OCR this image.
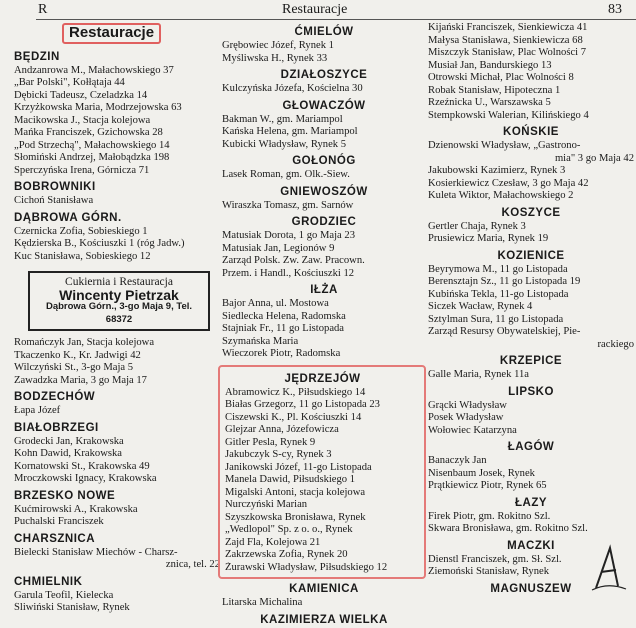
R	Restauracje	83
Restauracje
BĘDZIN
Andzanrowa M., Małachowskiego 37
„Bar Polski", Kołłątaja 44
Dębicki Tadeusz, Czeladzka 14
Krzyżkowska Maria, Modrzejowska 63
Macikowska J., Stacja kolejowa
Mańka Franciszek, Gzichowska 28
„Pod Strzechą", Małachowskiego 14
Słomiński Andrzej, Małobądzka 198
Sperczyńska Irena, Górnicza 71
BOBROWNIKI
Cichoń Stanisława
DĄBROWA GÓRN.
Czernicka Zofia, Sobieskiego 1
Kędzierska B., Kościuszki 1 (róg Jadw.)
Kuc Stanisława, Sobieskiego 12
Cukiernia i Restauracja
Wincenty Pietrzak
Dąbrowa Górn., 3-go Maja 9, Tel. 68372
Romańczyk Jan, Stacja kolejowa
Tkaczenko K., Kr. Jadwigi 42
Wilczyński St., 3-go Maja 5
Zawadzka Maria, 3 go Maja 17
BODZECHÓW
Łapa Józef
BIAŁOBRZEGI
Grodecki Jan, Krakowska
Kohn Dawid, Krakowska
Kornatowski St., Krakowska 49
Mroczkowski Ignacy, Krakowska
BRZESKO NOWE
Kućmirowski A., Krakowska
Puchalski Franciszek
CHARSZNICA
Bielecki Stanisław Miechów - Charsz-
znica, tel. 22
CHMIELNIK
Garula Teofil, Kielecka
Śliwiński Stanisław, Rynek
ĆMIELÓW
Grębowiec Józef, Rynek 1
Myśliwska H., Rynek 33
DZIAŁOSZYCE
Kulczyńska Józefa, Kościelna 30
GŁOWACZÓW
Bakman W., gm. Mariampol
Kańska Helena, gm. Mariampol
Kubicki Władysław, Rynek 5
GOŁONÓG
Lasek Roman, gm. Olk.-Siew.
GNIEWOSZÓW
Wiraszka Tomasz, gm. Sarnów
GRODZIEC
Matusiak Dorota, 1 go Maja 23
Matusiak Jan, Legionów 9
Zarząd Polsk. Zw. Zaw. Pracown.
Przem. i Handl., Kościuszki 12
IŁŻA
Bajor Anna, ul. Mostowa
Siedlecka Helena, Radomska
Stajniak Fr., 11 go Listopada
Szymańska Maria
Wieczorek Piotr, Radomska
JĘDRZEJÓW
Abramowicz K., Piłsudskiego 14
Białas Grzegorz, 11 go Listopada 23
Ciszewski K., Pl. Kościuszki 14
Glejzar Anna, Józefowicza
Gitler Pesla, Rynek 9
Jakubczyk S-cy, Rynek 3
Janikowski Józef, 11-go Listopada
Manela Dawid, Piłsudskiego 1
Migalski Antoni, stacja kolejowa
Nurczyński Marian
Szyszkowska Bronisława, Rynek
„Wedlopol" Sp. z o. o., Rynek
Zajd Fla, Kolejowa 21
Zakrzewska Zofia, Rynek 20
Żurawski Władysław, Piłsudskiego 12
KAMIENICA
Litarska Michalina
KAZIMIERZA WIELKA
Kijański Franciszek, Sienkiewicza 41
Małysa Stanisława, Sienkiewicza 68
Miszczyk Stanisław, Plac Wolności 7
Musiał Jan, Bandurskiego 13
Otrowski Michał, Plac Wolności 8
Robak Stanisław, Hipoteczna 1
Rzeźnicka U., Warszawska 5
Stempkowski Walerian, Kilińskiego 4
KOŃSKIE
Dzienowski Władysław, „Gastrono-
mia" 3 go Maja 42
Jakubowski Kazimierz, Rynek 3
Kosierkiewicz Czesław, 3 go Maja 42
Kuleta Wiktor, Małachowskiego 2
KOSZYCE
Gertler Chaja, Rynek 3
Prusiewicz Maria, Rynek 19
KOZIENICE
Beyrymowa M., 11 go Listopada
Berensztajn Sz., 11 go Listopada 19
Kubińska Tekla, 11-go Listopada
Siczek Wacław, Rynek 4
Sztylman Sura, 11 go Listopada
Zarząd Resursy Obywatelskiej, Pie-
rackiego
KRZEPICE
Galle Maria, Rynek 11a
LIPSKO
Grącki Władysław
Posek Władysław
Wołowiec Katarzyna
ŁAGÓW
Banaczyk Jan
Nisenbaum Josek, Rynek
Prątkiewicz Piotr, Rynek 65
ŁAZY
Firek Piotr, gm. Rokitno Szl.
Skwara Bronisława, gm. Rokitno Szl.
MACZKI
Dienstl Franciszek, gm. Sł. Szl.
Ziemoński Stanisław, Rynek
MAGNUSZEW
